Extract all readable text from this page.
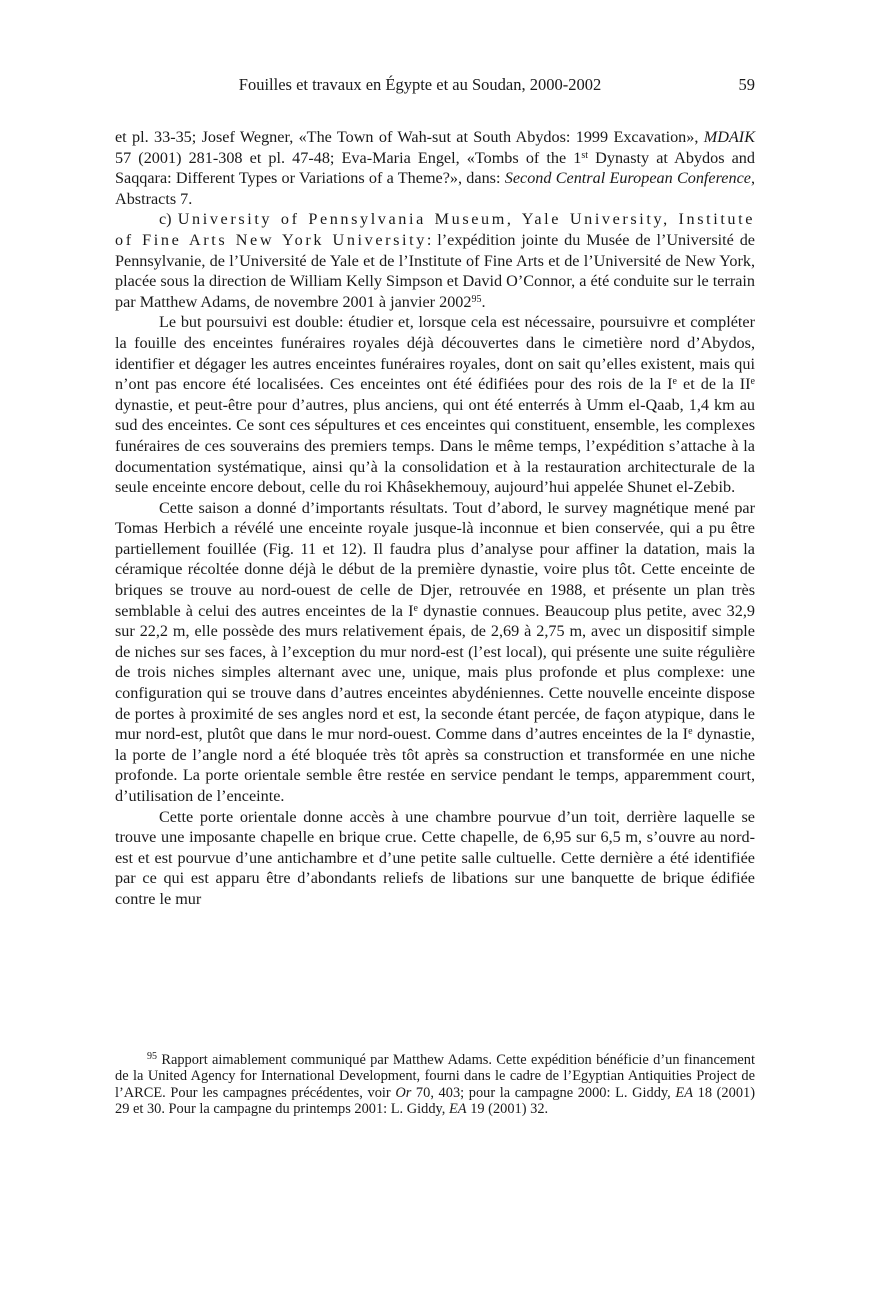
Fouilles et travaux en Égypte et au Soudan, 2000-2002	59

et pl. 33-35; Josef Wegner, «The Town of Wah-sut at South Abydos: 1999 Excavation», MDAIK 57 (2001) 281-308 et pl. 47-48; Eva-Maria Engel, «Tombs of the 1st Dynasty at Abydos and Saqqara: Different Types or Variations of a Theme?», dans: Second Central European Conference, Abstracts 7.

c) University of Pennsylvania Museum, Yale University, Institute of Fine Arts New York University: l’expédition jointe du Musée de l’Université de Pennsylvanie, de l’Université de Yale et de l’Institute of Fine Arts et de l’Université de New York, placée sous la direction de William Kelly Simpson et David O’Connor, a été conduite sur le terrain par Matthew Adams, de novembre 2001 à janvier 2002$^{95}$.

Le but poursuivi est double: étudier et, lorsque cela est nécessaire, poursuivre et compléter la fouille des enceintes funéraires royales déjà découvertes dans le cimetière nord d’Abydos, identifier et dégager les autres enceintes funéraires royales, dont on sait qu’elles existent, mais qui n’ont pas encore été localisées. Ces enceintes ont été édifiées pour des rois de la Ie et de la IIe dynastie, et peut-être pour d’autres, plus anciens, qui ont été enterrés à Umm el-Qaab, 1,4 km au sud des enceintes. Ce sont ces sépultures et ces enceintes qui constituent, ensemble, les complexes funéraires de ces souverains des premiers temps. Dans le même temps, l’expédition s’attache à la documentation systématique, ainsi qu’à la consolidation et à la restauration architecturale de la seule enceinte encore debout, celle du roi Khâsekhemouy, aujourd’hui appelée Shunet el-Zebib.

Cette saison a donné d’importants résultats. Tout d’abord, le survey magnétique mené par Tomas Herbich a révélé une enceinte royale jusque-là inconnue et bien conservée, qui a pu être partiellement fouillée (Fig. 11 et 12). Il faudra plus d’analyse pour affiner la datation, mais la céramique récoltée donne déjà le début de la première dynastie, voire plus tôt. Cette enceinte de briques se trouve au nord-ouest de celle de Djer, retrouvée en 1988, et présente un plan très semblable à celui des autres enceintes de la Ie dynastie connues. Beaucoup plus petite, avec 32,9 sur 22,2 m, elle possède des murs relativement épais, de 2,69 à 2,75 m, avec un dispositif simple de niches sur ses faces, à l’exception du mur nord-est (l’est local), qui présente une suite régulière de trois niches simples alternant avec une, unique, mais plus profonde et plus complexe: une configuration qui se trouve dans d’autres enceintes abydéniennes. Cette nouvelle enceinte dispose de portes à proximité de ses angles nord et est, la seconde étant percée, de façon atypique, dans le mur nord-est, plutôt que dans le mur nord-ouest. Comme dans d’autres enceintes de la Ie dynastie, la porte de l’angle nord a été bloquée très tôt après sa construction et transformée en une niche profonde. La porte orientale semble être restée en service pendant le temps, apparemment court, d’utilisation de l’enceinte.

Cette porte orientale donne accès à une chambre pourvue d’un toit, derrière laquelle se trouve une imposante chapelle en brique crue. Cette chapelle, de 6,95 sur 6,5 m, s’ouvre au nord-est et est pourvue d’une antichambre et d’une petite salle cultuelle. Cette dernière a été identifiée par ce qui est apparu être d’abondants reliefs de libations sur une banquette de brique édifiée contre le mur

$^{95}$ Rapport aimablement communiqué par Matthew Adams. Cette expédition bénéficie d’un financement de la United Agency for International Development, fourni dans le cadre de l’Egyptian Antiquities Project de l’ARCE. Pour les campagnes précédentes, voir Or 70, 403; pour la campagne 2000: L. Giddy, EA 18 (2001) 29 et 30. Pour la campagne du printemps 2001: L. Giddy, EA 19 (2001) 32.
